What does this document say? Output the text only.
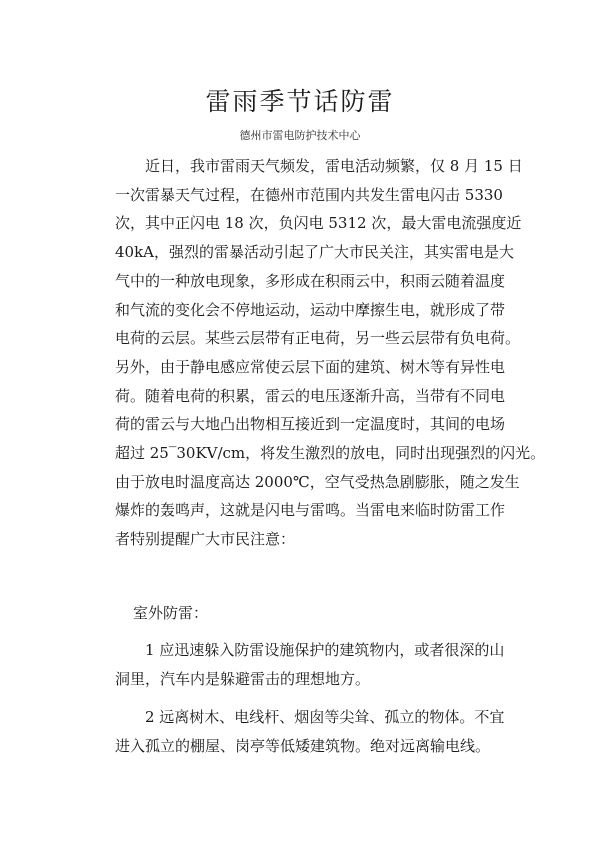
雷雨季节话防雷
德州市雷电防护技术中心
近日，我市雷雨天气频发，雷电活动频繁，仅 8 月 15 日
一次雷暴天气过程，在德州市范围内共发生雷电闪击 5330
次，其中正闪电 18 次，负闪电 5312 次，最大雷电流强度近
40kA，强烈的雷暴活动引起了广大市民关注，其实雷电是大
气中的一种放电现象，多形成在积雨云中，积雨云随着温度
和气流的变化会不停地运动，运动中摩擦生电，就形成了带
电荷的云层。某些云层带有正电荷，另一些云层带有负电荷。
另外，由于静电感应常使云层下面的建筑、树木等有异性电
荷。随着电荷的积累，雷云的电压逐渐升高，当带有不同电
荷的雷云与大地凸出物相互接近到一定温度时，其间的电场
超过 25‾30KV/cm，将发生激烈的放电，同时出现强烈的闪光。
由于放电时温度高达 2000℃，空气受热急剧膨胀，随之发生
爆炸的轰鸣声，这就是闪电与雷鸣。当雷电来临时防雷工作
者特别提醒广大市民注意：
室外防雷：
1 应迅速躲入防雷设施保护的建筑物内，或者很深的山
洞里，汽车内是躲避雷击的理想地方。
2 远离树木、电线杆、烟囱等尖耸、孤立的物体。不宜
进入孤立的棚屋、岗亭等低矮建筑物。绝对远离输电线。
